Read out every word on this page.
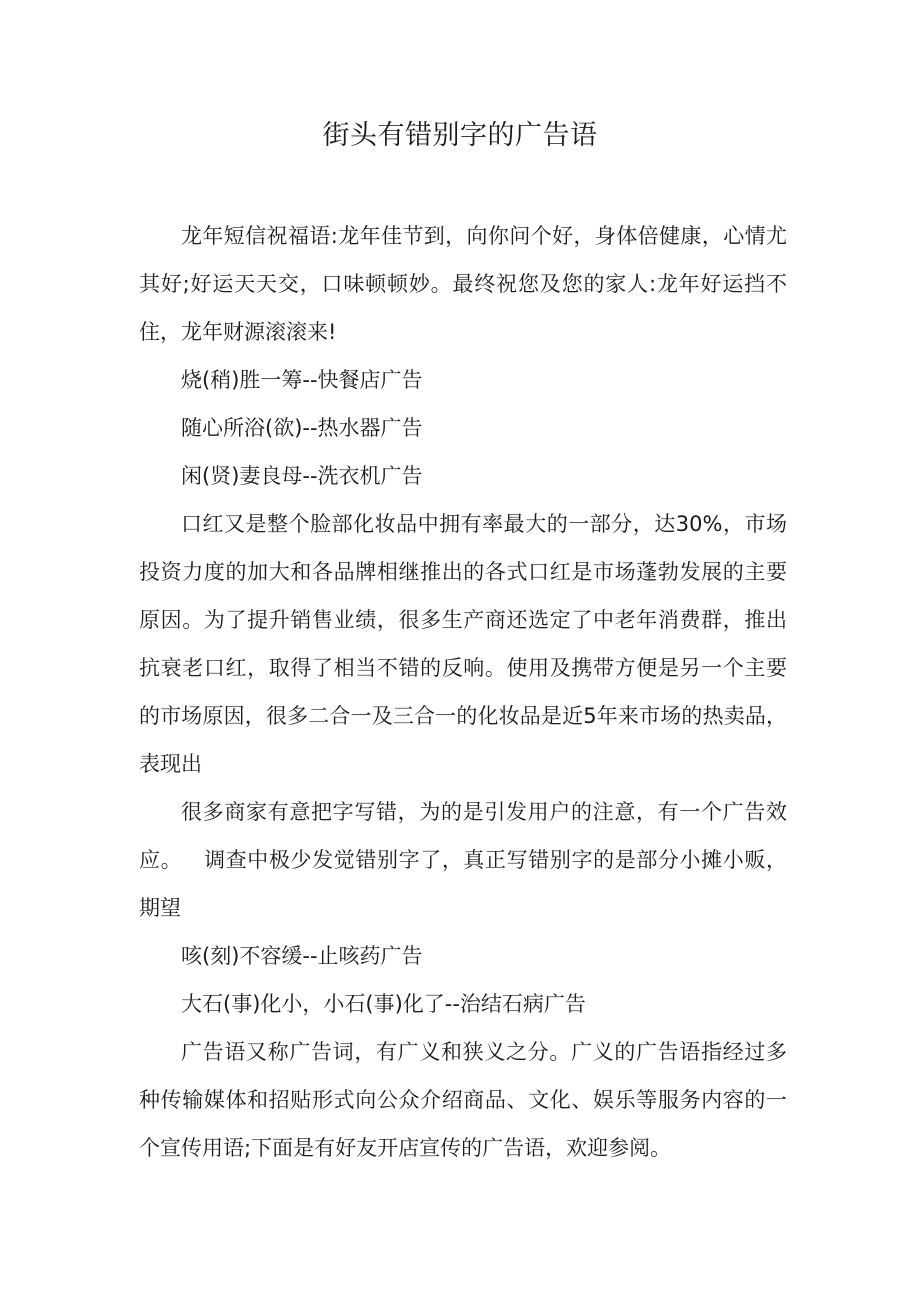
街头有错别字的广告语

龙年短信祝福语:龙年佳节到，向你问个好，身体倍健康，心情尤其好;好运天天交，口味顿顿妙。最终祝您及您的家人:龙年好运挡不住，龙年财源滚滚来!

烧(稍)胜一筹--快餐店广告

随心所浴(欲)--热水器广告

闲(贤)妻良母--洗衣机广告

口红又是整个脸部化妆品中拥有率最大的一部分，达30%，市场投资力度的加大和各品牌相继推出的各式口红是市场蓬勃发展的主要原因。为了提升销售业绩，很多生产商还选定了中老年消费群，推出抗衰老口红，取得了相当不错的反响。使用及携带方便是另一个主要的市场原因，很多二合一及三合一的化妆品是近5年来市场的热卖品，表现出

很多商家有意把字写错，为的是引发用户的注意，有一个广告效应。   调查中极少发觉错别字了，真正写错别字的是部分小摊小贩，期望

咳(刻)不容缓--止咳药广告

大石(事)化小，小石(事)化了--治结石病广告

广告语又称广告词，有广义和狭义之分。广义的广告语指经过多种传输媒体和招贴形式向公众介绍商品、文化、娱乐等服务内容的一个宣传用语;下面是有好友开店宣传的广告语，欢迎参阅。
